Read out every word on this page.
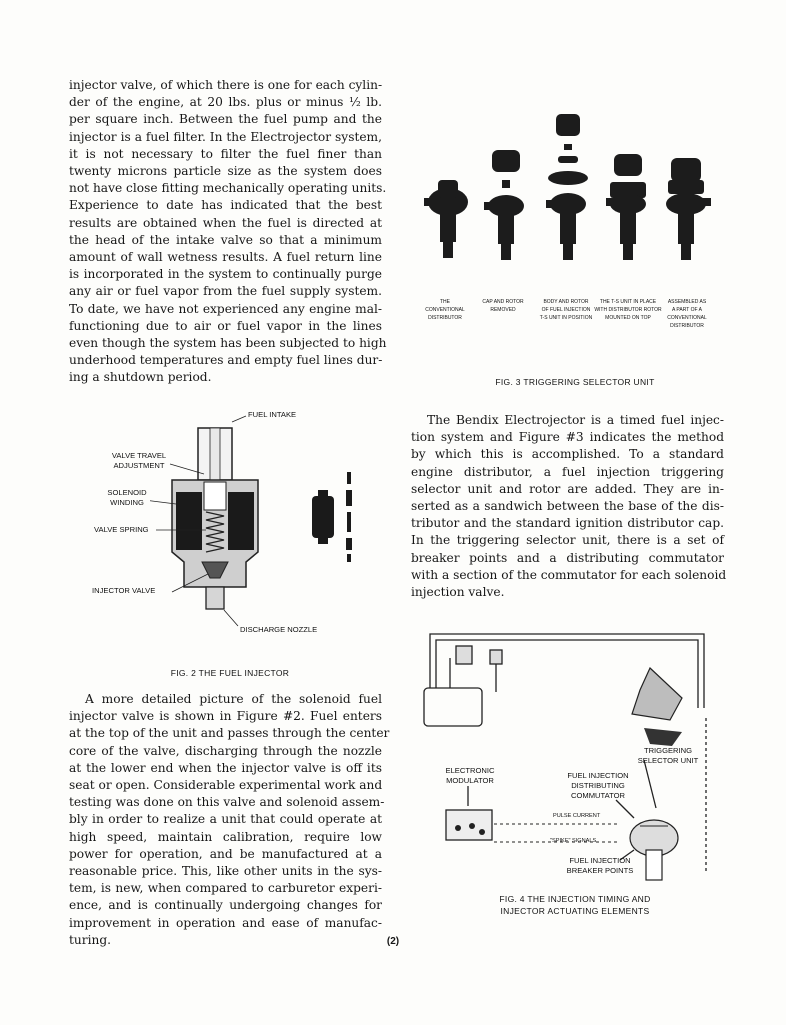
injector valve, of which there is one for each cylin-
der of the engine, at 20 lbs. plus or minus ½ lb.
per square inch. Between the fuel pump and the
injector is a fuel filter. In the Electrojector system,
it is not necessary to filter the fuel finer than
twenty microns particle size as the system does
not have close fitting mechanically operating units.
Experience to date has indicated that the best
results are obtained when the fuel is directed at
the head of the intake valve so that a minimum
amount of wall wetness results. A fuel return line
is incorporated in the system to continually purge
any air or fuel vapor from the fuel supply system.
To date, we have not experienced any engine mal-
functioning due to air or fuel vapor in the lines
even though the system has been subjected to high
underhood temperatures and empty fuel lines dur-
ing a shutdown period.
A more detailed picture of the solenoid fuel
injector valve is shown in Figure #2. Fuel enters
at the top of the unit and passes through the center
core of the valve, discharging through the nozzle
at the lower end when the injector valve is off its
seat or open. Considerable experimental work and
testing was done on this valve and solenoid assem-
bly in order to realize a unit that could operate at
high speed, maintain calibration, require low
power for operation, and be manufactured at a
reasonable price. This, like other units in the sys-
tem, is new, when compared to carburetor experi-
ence, and is continually undergoing changes for
improvement in operation and ease of manufac-
turing.
The Bendix Electrojector is a timed fuel injec-
tion system and Figure #3 indicates the method
by which this is accomplished. To a standard
engine distributor, a fuel injection triggering
selector unit and rotor are added. They are in-
serted as a sandwich between the base of the dis-
tributor and the standard ignition distributor cap.
In the triggering selector unit, there is a set of
breaker points and a distributing commutator
with a section of the commutator for each solenoid
injection valve.
THE
CONVENTIONAL
DISTRIBUTOR
CAP AND ROTOR
REMOVED
BODY AND ROTOR
OF FUEL INJECTION
T-S UNIT IN POSITION
THE T-S UNIT IN PLACE
WITH DISTRIBUTOR ROTOR
MOUNTED ON TOP
ASSEMBLED AS
A PART OF A
CONVENTIONAL
DISTRIBUTOR
FIG. 3 TRIGGERING SELECTOR UNIT
FUEL INTAKE
VALVE TRAVEL
ADJUSTMENT
SOLENOID
WINDING
VALVE SPRING
INJECTOR VALVE
DISCHARGE NOZZLE
FIG. 2 THE FUEL INJECTOR
TRIGGERING
SELECTOR UNIT
ELECTRONIC
MODULATOR
FUEL INJECTION
DISTRIBUTING
COMMUTATOR
PULSE CURRENT
"SPIKE" SIGNALS
FUEL INJECTION
BREAKER POINTS
FIG. 4 THE INJECTION TIMING AND
INJECTOR ACTUATING ELEMENTS
(2)
